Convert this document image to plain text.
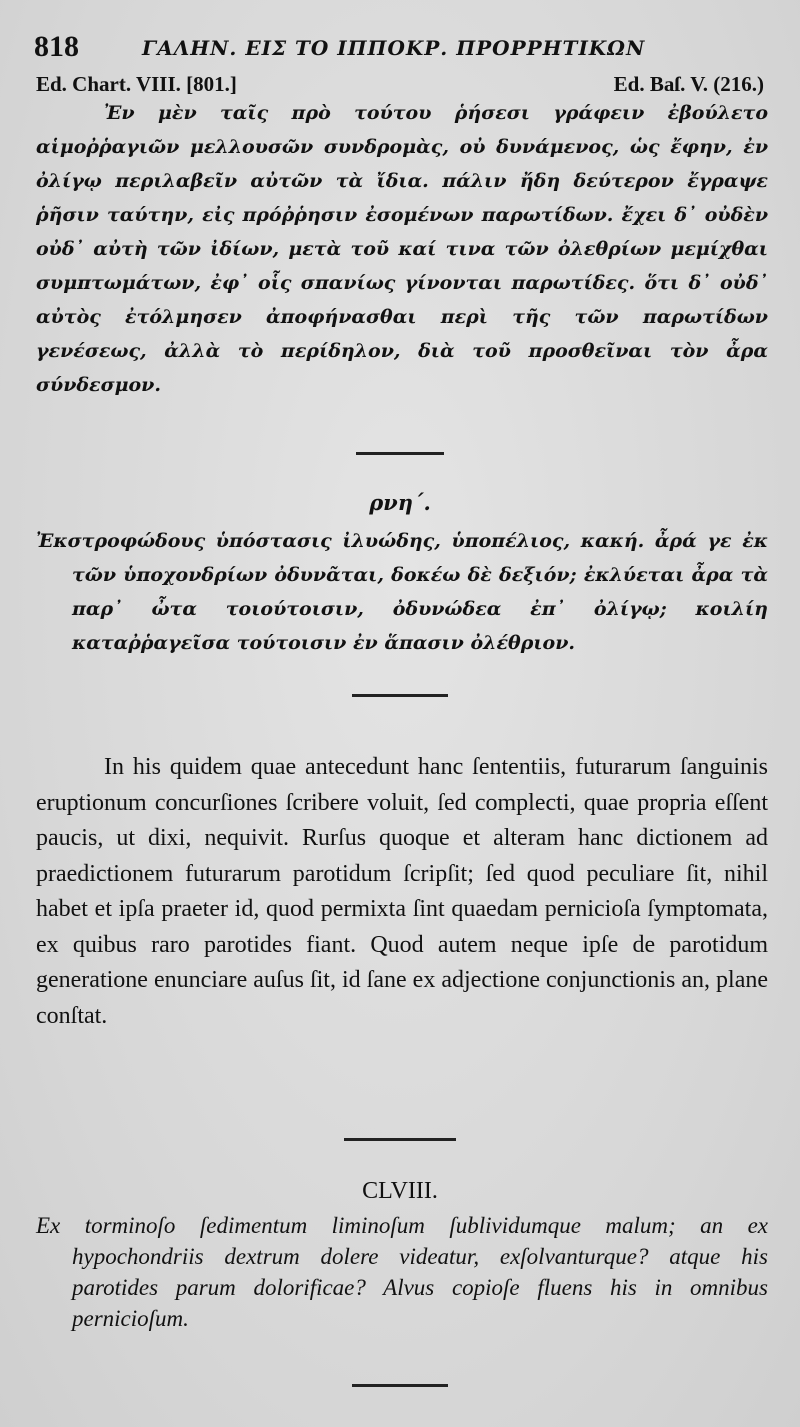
818	ΓΑΛΗΝ. ΕΙΣ ΤΟ ΙΠΠΟΚΡ. ΠΡΟΡΡΗΤΙΚΩΝ
Ed. Chart. VIII. [801.]	Ed. Baſ. V. (216.)

Ἐν μὲν ταῖς πρὸ τούτου ῥήσεσι γράφειν ἐβούλετο αἱμοῤῥαγιῶν μελλουσῶν συνδρομὰς, οὐ δυνάμενος, ὡς ἔφην, ἐν ὀλίγῳ περιλαβεῖν αὐτῶν τὰ ἴδια. πάλιν ἤδη δεύτερον ἔγραψε ῥῆσιν ταύτην, εἰς πρόῤῥησιν ἐσομένων παρωτίδων. ἔχει δ᾿ οὐδὲν οὐδ᾿ αὐτὴ τῶν ἰδίων, μετὰ τοῦ καί τινα τῶν ὀλεθρίων μεμίχθαι συμπτωμάτων, ἐφ᾿ οἷς σπανίως γίνονται παρωτίδες. ὅτι δ᾿ οὐδ᾿ αὐτὸς ἐτόλμησεν ἀποφήνασθαι περὶ τῆς τῶν παρωτίδων γενέσεως, ἀλλὰ τὸ περίδηλον, διὰ τοῦ προσθεῖναι τὸν ἆρα σύνδεσμον.

ρνη΄.

Ἐκστροφώδους ὑπόστασις ἰλυώδης, ὑποπέλιος, κακή. ἆρά γε ἐκ τῶν ὑποχονδρίων ὀδυνᾶται, δοκέω δὲ δεξιόν; ἐκλύεται ἆρα τὰ παρ᾿ ὦτα τοιούτοισιν, ὀδυνώδεα ἐπ᾿ ὀλίγῳ; κοιλίη καταῤῥαγεῖσα τούτοισιν ἐν ἅπασιν ὀλέθριον.

In his quidem quae antecedunt hanc ſententiis, futurarum ſanguinis eruptionum concurſiones ſcribere voluit, ſed complecti, quae propria eſſent paucis, ut dixi, nequivit. Rurſus quoque et alteram hanc dictionem ad praedictionem futurarum parotidum ſcripſit; ſed quod peculiare ſit, nihil habet et ipſa praeter id, quod permixta ſint quaedam pernicioſa ſymptomata, ex quibus raro parotides fiant. Quod autem neque ipſe de parotidum generatione enunciare auſus ſit, id ſane ex adjectione conjunctionis an, plane conſtat.

CLVIII.

Ex torminoſo ſedimentum liminoſum ſublividumque malum; an ex hypochondriis dextrum dolere videatur, exſolvanturque? atque his parotides parum dolorificae? Alvus copioſe fluens his in omnibus pernicioſum.
